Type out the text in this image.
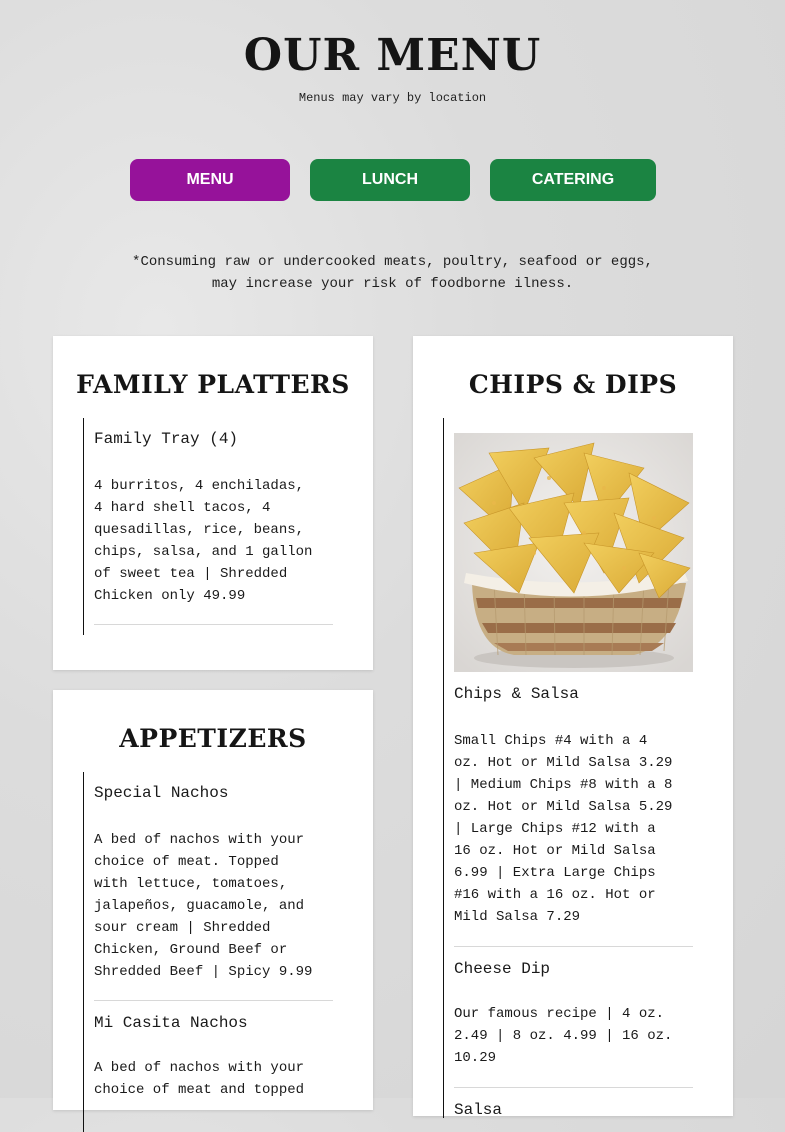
OUR MENU
Menus may vary by location
MENU	LUNCH	CATERING
*Consuming raw or undercooked meats, poultry, seafood or eggs, may increase your risk of foodborne ilness.
FAMILY PLATTERS
Family Tray (4)
4 burritos, 4 enchiladas, 4 hard shell tacos, 4 quesadillas, rice, beans, chips, salsa, and 1 gallon of sweet tea | Shredded Chicken only 49.99
APPETIZERS
Special Nachos
A bed of nachos with your choice of meat. Topped with lettuce, tomatoes, jalapeños, guacamole, and sour cream | Shredded Chicken, Ground Beef or Shredded Beef | Spicy 9.99
Mi Casita Nachos
A bed of nachos with your choice of meat and topped
CHIPS & DIPS
Chips & Salsa
Small Chips #4 with a 4 oz. Hot or Mild Salsa 3.29 | Medium Chips #8 with a 8 oz. Hot or Mild Salsa 5.29 | Large Chips #12 with a 16 oz. Hot or Mild Salsa 6.99 | Extra Large Chips #16 with a 16 oz. Hot or Mild Salsa 7.29
Cheese Dip
Our famous recipe | 4 oz. 2.49 | 8 oz. 4.99 | 16 oz. 10.29
Salsa
